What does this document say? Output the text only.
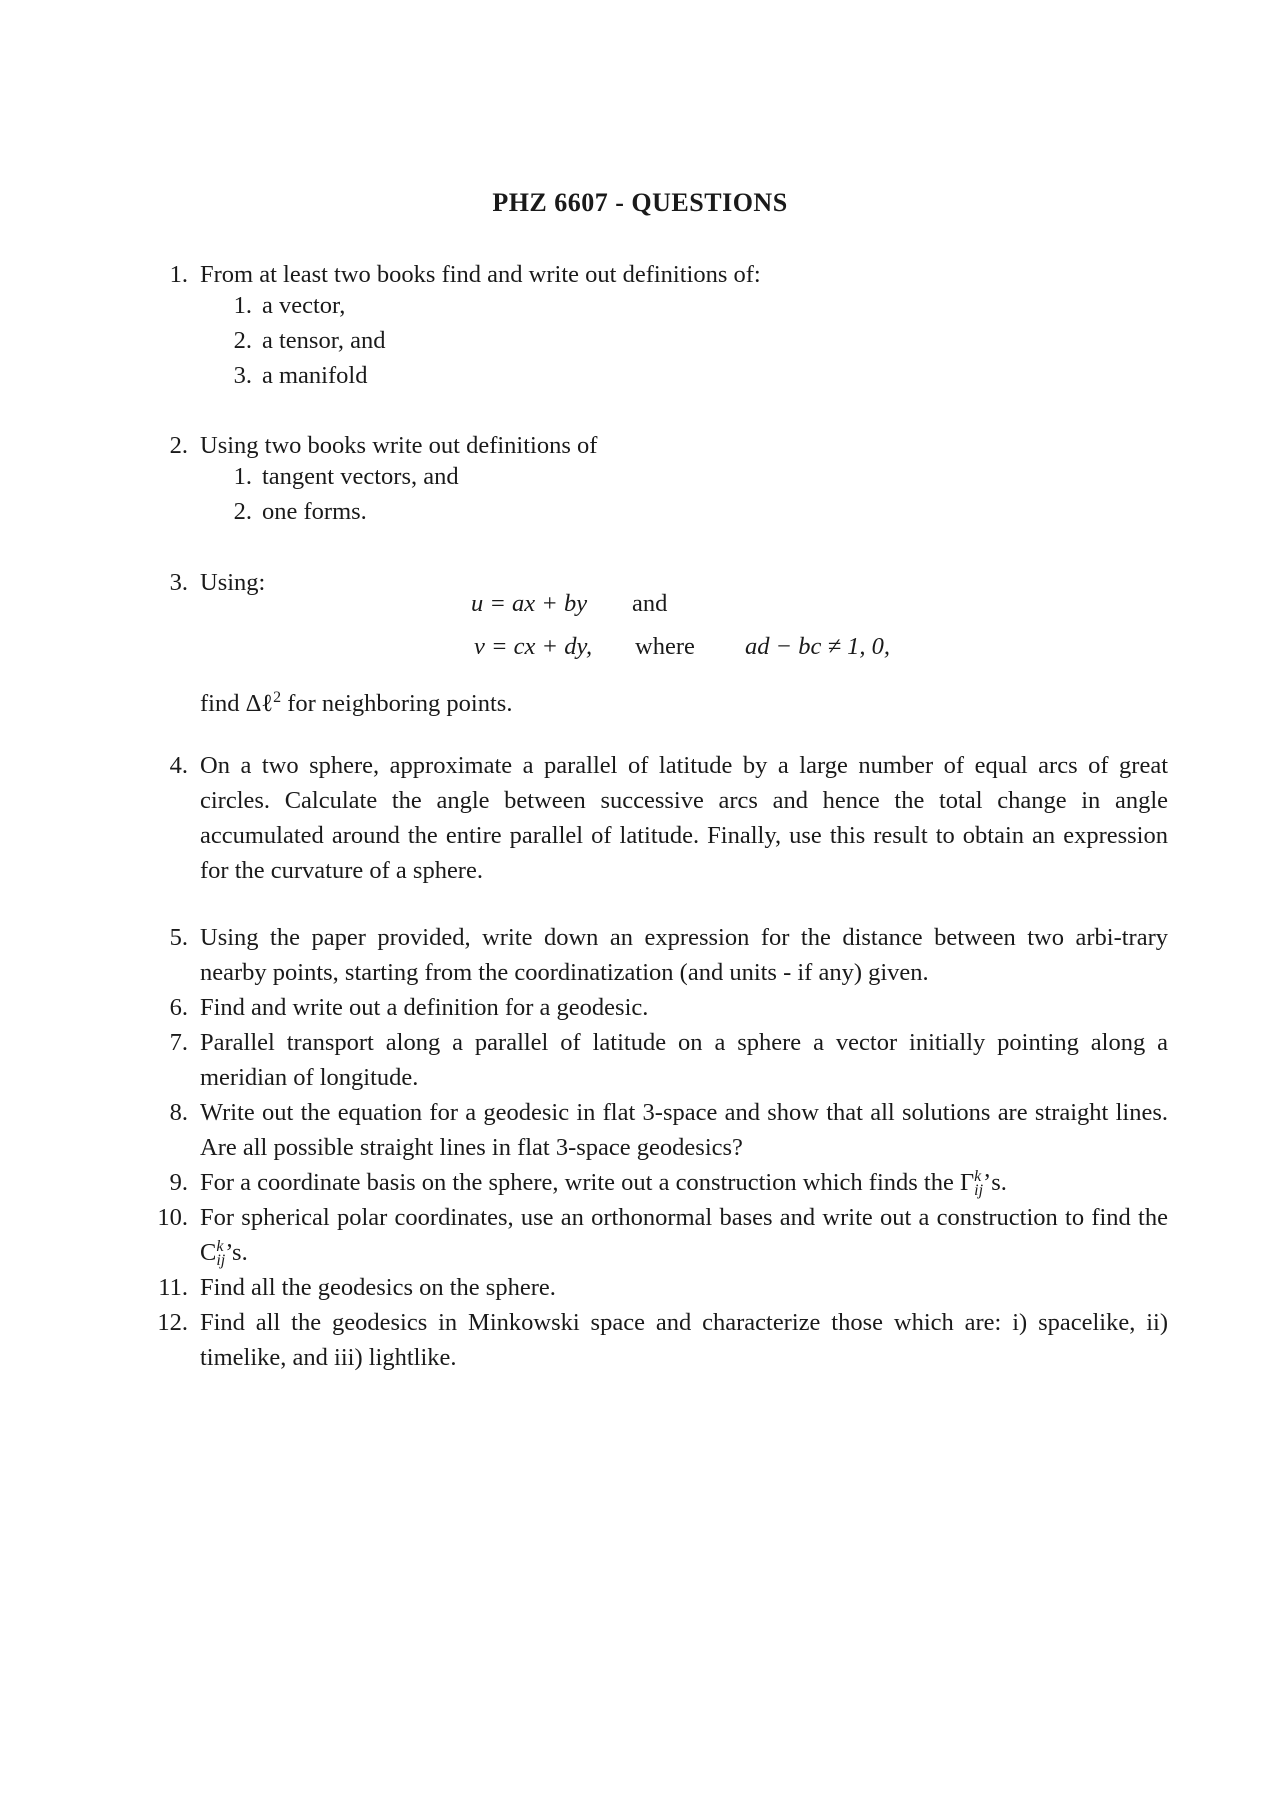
PHZ 6607 - QUESTIONS
1. From at least two books find and write out definitions of:
1. a vector,
2. a tensor, and
3. a manifold
2. Using two books write out definitions of
1. tangent vectors, and
2. one forms.
3. Using:
u = ax + by and
v = cx + dy, where ad − bc ≠ 1, 0,
find Δℓ$^2$ for neighboring points.
4. On a two sphere, approximate a parallel of latitude by a large number of equal arcs of great circles. Calculate the angle between successive arcs and hence the total change in angle accumulated around the entire parallel of latitude. Finally, use this result to obtain an expression for the curvature of a sphere.
5. Using the paper provided, write down an expression for the distance between two arbi-trary nearby points, starting from the coordinatization (and units - if any) given.
6. Find and write out a definition for a geodesic.
7. Parallel transport along a parallel of latitude on a sphere a vector initially pointing along a meridian of longitude.
8. Write out the equation for a geodesic in flat 3-space and show that all solutions are straight lines. Are all possible straight lines in flat 3-space geodesics?
9. For a coordinate basis on the sphere, write out a construction which finds the Γ k
ij ’s.
10. For spherical polar coordinates, use an orthonormal bases and write out a construction to find the C k
ij ’s.
11. Find all the geodesics on the sphere.
12. Find all the geodesics in Minkowski space and characterize those which are: i) spacelike, ii) timelike, and iii) lightlike.
